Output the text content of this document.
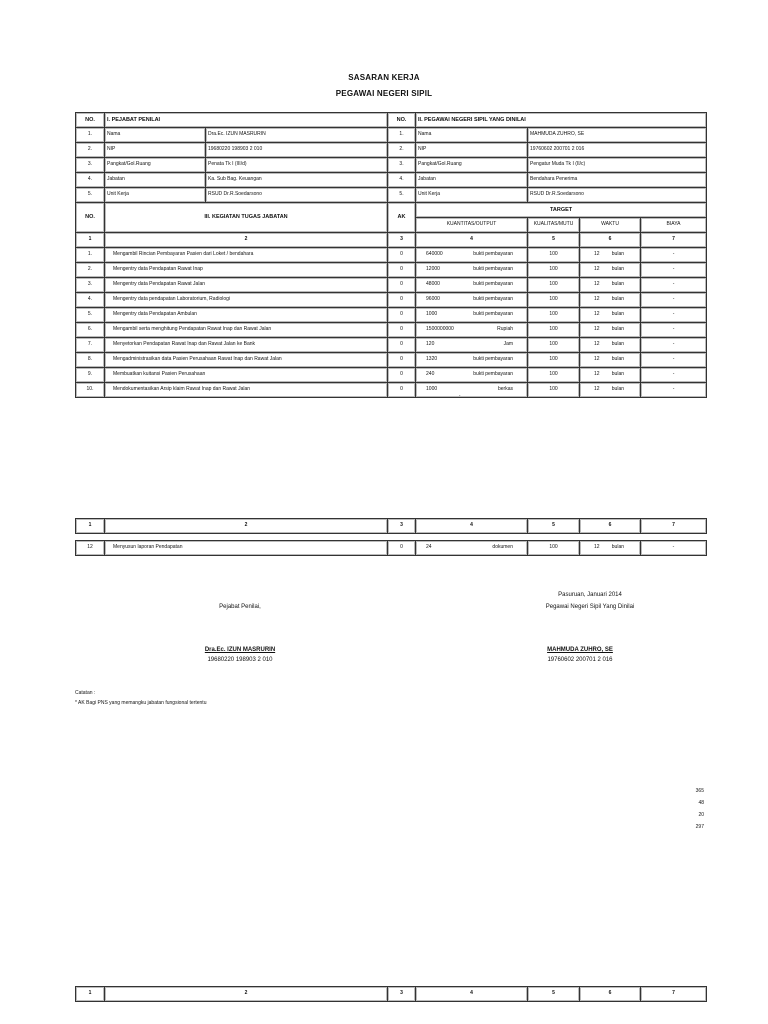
SASARAN KERJA
PEGAWAI NEGERI SIPIL
NO.	I. PEJABAT PENILAI		NO.	II. PEGAWAI NEGERI SIPIL YANG DINILAI			
1.	Nama	Dra.Ec. IZUN MASRURIN	1.	Nama	MAHMUDA ZUHRO, SE		
2.	NIP	19680220 198903 2 010	2.	NIP	19760602 200701 2 016		
3.	Pangkat/Gol.Ruang	Penata Tk I (III/d)	3.	Pangkat/Gol.Ruang	Pengatur Muda Tk I (II/c)		
4.	Jabatan	Ka. Sub Bag. Keuangan	4.	Jabatan	Bendahara Penerima		
5.	Unit Kerja	RSUD Dr.R.Soedarsono	5.	Unit Kerja	RSUD Dr.R.Soedarsono		
NO.	III. KEGIATAN TUGAS JABATAN		AK	TARGET			
				KUANTITAS/OUTPUT	KUALITAS/MUTU	WAKTU	BIAYA
1	2		3	4	5	6	7
1.	Mengambil Rincian Pembayaran Pasien dari Loket / bendahara		0	640000 bukti pembayaran	100	12 bulan	-
2.	Mengentry data Pendapatan Rawat Inap		0	12000 bukti pembayaran	100	12 bulan	-
3.	Mengentry data Pendapatan Rawat Jalan		0	48000 bukti pembayaran	100	12 bulan	-
4.	Mengentry data pendapatan Laboratorium, Radiologi		0	96000 bukti pembayaran	100	12 bulan	-
5.	Mengentry data Pendapatan Ambulan		0	1000 bukti pembayaran	100	12 bulan	-
6.	Mengambil serta menghitung Pendapatan Rawat Inap dan Rawat Jalan		0	1500000000 Rupiah	100	12 bulan	-
7.	Menyetorkan Pendapatan Rawat Inap dan Rawat Jalan ke Bank		0	120 Jam	100	12 bulan	-
8.	Mengadministrasikan data Pasien Perusahaan Rawat Inap dan Rawat Jalan		0	1320 bukti pembayaran	100	12 bulan	-
9.	Membuatkan kuitansi Pasien Perusahaan		0	240 bukti pembayaran	100	12 bulan	-
10.	Mendokumentasikan Arsip klaim Rawat Inap dan Rawat Jalan		0	1000 berkas	100	12 bulan	-
.
1	2	3	4	5	6	7

12	Menyusun laporan Pendapatan	0	24 dokumen	100	12 bulan	-
Pasuruan, Januari 2014
Pejabat Penilai,	Pegawai Negeri Sipil Yang Dinilai
Dra.Ec. IZUN MASRURIN
19680220 198903 2 010
MAHMUDA ZUHRO, SE
19760602 200701 2 016
Catatan :
* AK Bagi PNS yang memangku jabatan fungsional tertentu
365
48
20
297
1	2	3	4	5	6	7
